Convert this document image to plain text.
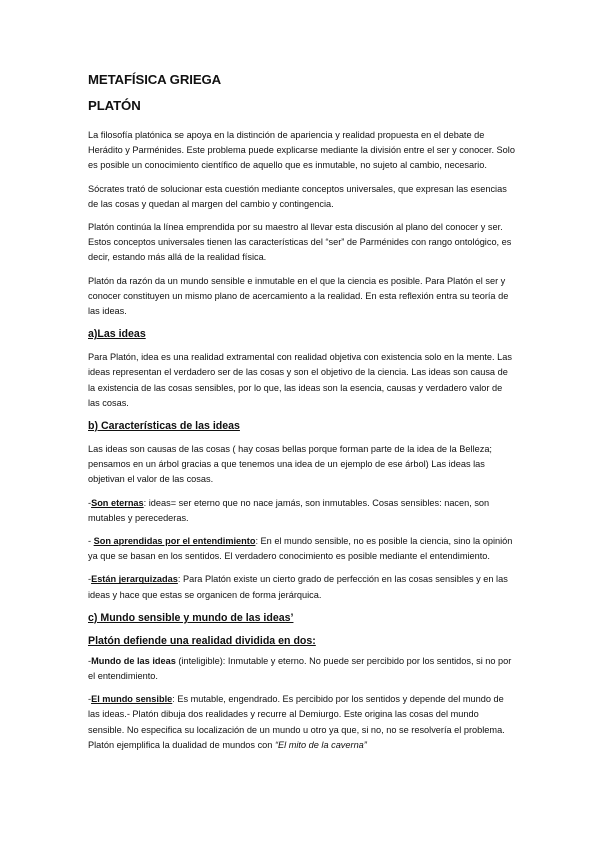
METAFÍSICA GRIEGA
PLATÓN

La filosofía platónica se apoya en la distinción de apariencia y realidad propuesta en el debate de Herádito y Parménides. Este problema puede explicarse mediante la división entre el ser y conocer. Solo es posible un conocimiento científico de aquello que es inmutable, no sujeto al cambio, necesario.

Sócrates trató de solucionar esta cuestión mediante conceptos universales, que expresan las esencias de las cosas y quedan al margen del cambio y contingencia.

Platón continúa la línea emprendida por su maestro al llevar esta discusión al plano del conocer y ser. Estos conceptos universales tienen las características del “ser” de Parménides con rango ontológico, es decir, estando más allá de la realidad física.

Platón da razón da un mundo sensible e inmutable en el que la ciencia es posible. Para Platón el ser y conocer constituyen un mismo plano de acercamiento a la realidad. En esta reflexión entra su teoría de las ideas.

a)Las ideas

Para Platón, idea es una realidad extramental con realidad objetiva con existencia solo en la mente. Las ideas representan el verdadero ser de las cosas y son el objetivo de la ciencia. Las ideas son causa de la existencia de las cosas sensibles, por lo que, las ideas son la esencia, causas y verdadero valor de las cosas.

b) Características de las ideas

Las ideas son causas de las cosas ( hay cosas bellas porque forman parte de la idea de la Belleza; pensamos en un árbol gracias a que tenemos una idea de un ejemplo de ese árbol) Las ideas las objetivan el valor de las cosas.

-Son eternas: ideas= ser eterno que no nace jamás, son inmutables. Cosas sensibles: nacen, son mutables y perecederas.

- Son aprendidas por el entendimiento: En el mundo sensible, no es posible la ciencia, sino la opinión ya que se basan en los sentidos. El verdadero conocimiento es posible mediante el entendimiento.

-Están jerarquizadas: Para Platón existe un cierto grado de perfección en las cosas sensibles y en las ideas y hace que estas se organicen de forma jerárquica.

c) Mundo sensible y mundo de las ideas’
Platón defiende una realidad dividida en dos:

-Mundo de las ideas (inteligible): Inmutable y eterno. No puede ser percibido por los sentidos, si no por el entendimiento.

-El mundo sensible: Es mutable, engendrado. Es percibido por los sentidos y depende del mundo de las ideas.- Platón dibuja dos realidades y recurre al Demiurgo. Este origina las cosas del mundo sensible. No especifica su localización de un mundo u otro ya que, si no, no se resolvería el problema. Platón ejemplifica la dualidad de mundos con “El mito de la caverna”
